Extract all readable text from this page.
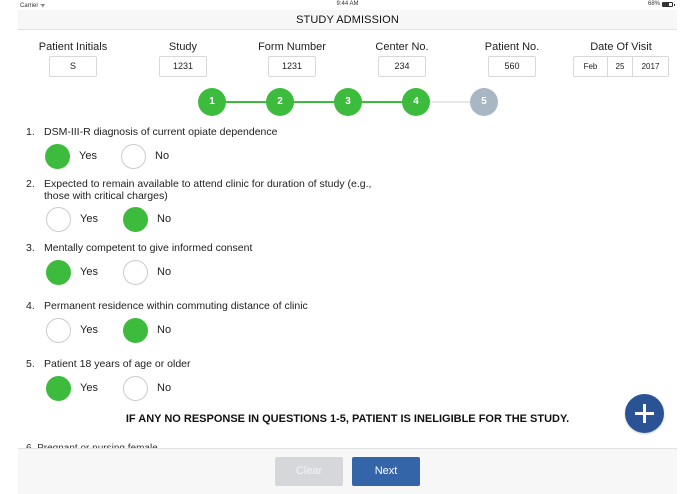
Carrier ᯤ	9:44 AM	68%
STUDY ADMISSION
Patient Initials
S
Study
1231
Form Number
1231
Center No.
234
Patient No.
560
Date Of Visit
Feb	25	2017
1	2	3	4	5
1. DSM-III-R diagnosis of current opiate dependence
Yes	No
2. Expected to remain available to attend clinic for duration of study (e.g., those with critical charges)
Yes	No
3. Mentally competent to give informed consent
Yes	No
4. Permanent residence within commuting distance of clinic
Yes	No
5. Patient 18 years of age or older
Yes	No
IF ANY NO RESPONSE IN QUESTIONS 1-5, PATIENT IS INELIGIBLE FOR THE STUDY.
Clear	Next
